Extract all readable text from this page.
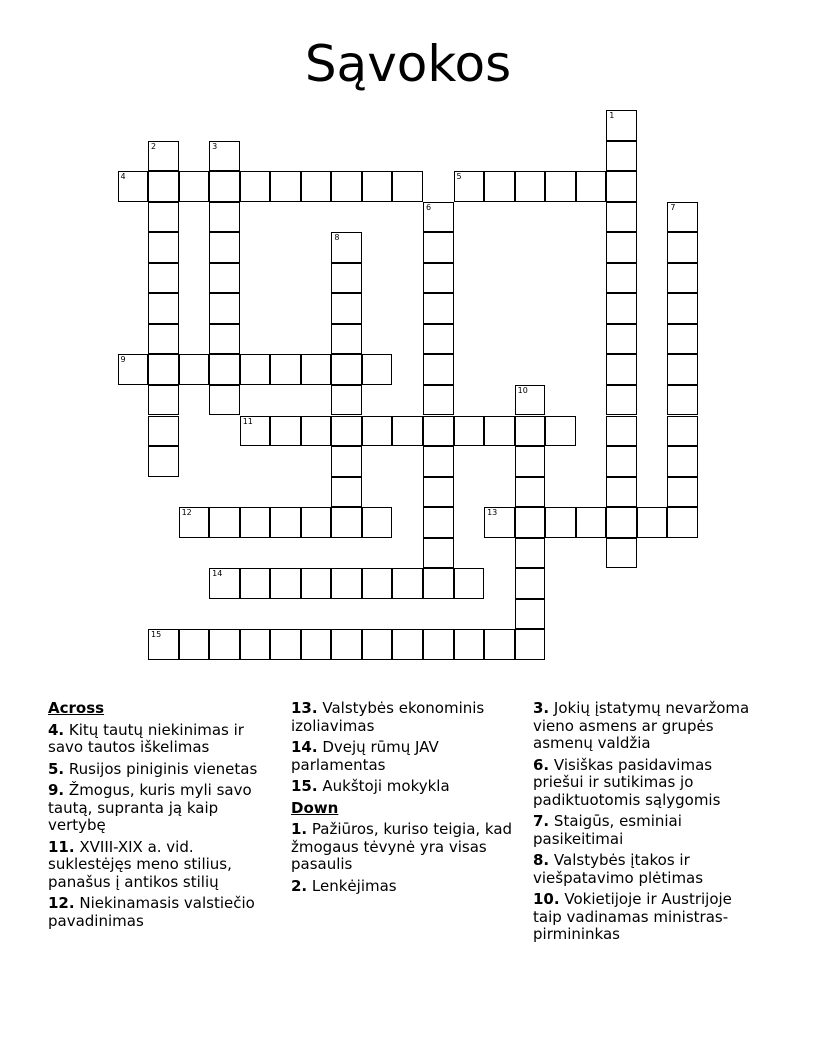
Sąvokos
1
2	3
4	5
6	7
8
9
10
11
12	13
14
15
Across
4. Kitų tautų niekinimas ir savo tautos iškelimas
5. Rusijos piniginis vienetas
9. Žmogus, kuris myli savo tautą, supranta ją kaip vertybę
11. XVIII-XIX a. vid. suklestėjęs meno stilius, panašus į antikos stilių
12. Niekinamasis valstiečio pavadinimas
13. Valstybės ekonominis izoliavimas
14. Dvejų rūmų JAV parlamentas
15. Aukštoji mokykla
Down
1. Pažiūros, kuriso teigia, kad žmogaus tėvynė yra visas pasaulis
2. Lenkėjimas
3. Jokių įstatymų nevaržoma vieno asmens ar grupės asmenų valdžia
6. Visiškas pasidavimas priešui ir sutikimas jo padiktuotomis sąlygomis
7. Staigūs, esminiai pasikeitimai
8. Valstybės įtakos ir viešpatavimo plėtimas
10. Vokietijoje ir Austrijoje taip vadinamas ministras-pirmininkas
